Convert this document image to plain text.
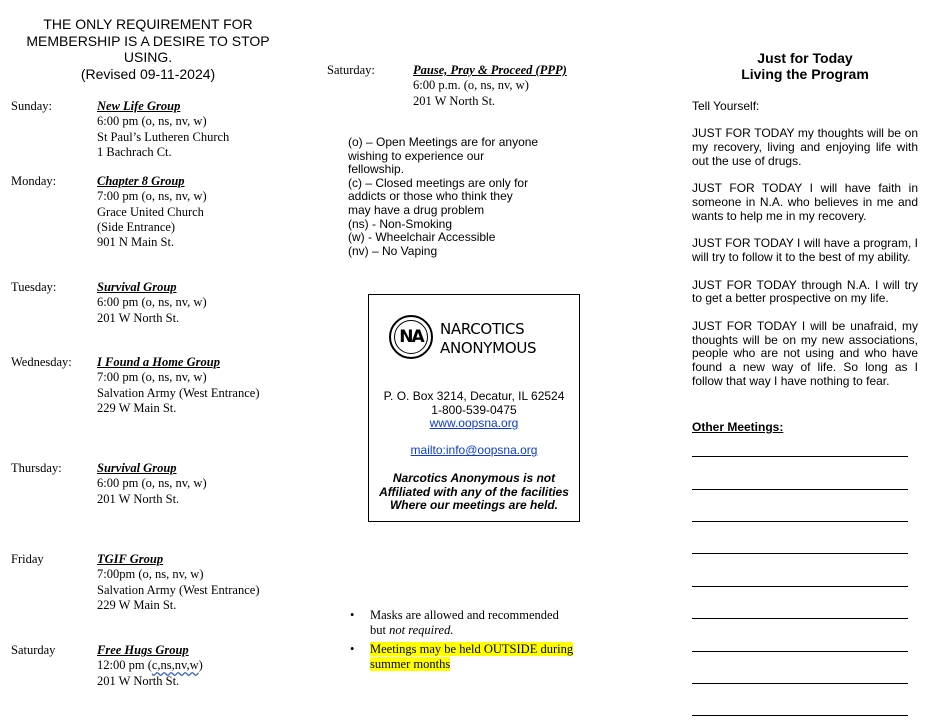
THE ONLY REQUIREMENT FOR
MEMBERSHIP IS A DESIRE TO STOP
USING.
(Revised 09-11-2024)
Sunday:	New Life Group
6:00 pm (o, ns, nv, w)
St Paul’s Lutheren Church
1 Bachrach Ct.
Monday:	Chapter 8 Group
7:00 pm (o, ns, nv, w)
Grace United Church
(Side Entrance)
901 N Main St.
Tuesday:	Survival Group
6:00 pm (o, ns, nv, w)
201 W North St.
Wednesday: I Found a Home Group
7:00 pm (o, ns, nv, w)
Salvation Army (West Entrance)
229 W Main St.
Thursday:	Survival Group
6:00 pm (o, ns, nv, w)
201 W North St.
Friday	TGIF Group
7:00pm (o, ns, nv, w)
Salvation Army (West Entrance)
229 W Main St.
Saturday	Free Hugs Group
12:00 pm (c,ns,nv,w)
201 W North St.
Saturday:	Pause, Pray & Proceed (PPP)
6:00 p.m. (o, ns, nv, w)
201 W North St.
(o) – Open Meetings are for anyone
wishing to experience our
fellowship.
(c) – Closed meetings are only for
addicts or those who think they
may have a drug problem
(ns) - Non-Smoking
(w) - Wheelchair Accessible
(nv) – No Vaping
NA	NARCOTICS
ANONYMOUS
P. O. Box 3214, Decatur, IL 62524
1-800-539-0475
www.oopsna.org
mailto:info@oopsna.org
Narcotics Anonymous is not
Affiliated with any of the facilities
Where our meetings are held.
• Masks are allowed and recommended
but not required.
• Meetings may be held OUTSIDE during
summer months
Just for Today
Living the Program

Tell Yourself:

JUST FOR TODAY my thoughts will be on my recovery, living and enjoying life with out the use of drugs.

JUST FOR TODAY I will have faith in someone in N.A. who believes in me and wants to help me in my recovery.

JUST FOR TODAY I will have a program, I will try to follow it to the best of my ability.

JUST FOR TODAY through N.A. I will try to get a better prospective on my life.

JUST FOR TODAY I will be unafraid, my thoughts will be on my new associations, people who are not using and who have found a new way of life. So long as I follow that way I have nothing to fear.

Other Meetings:
